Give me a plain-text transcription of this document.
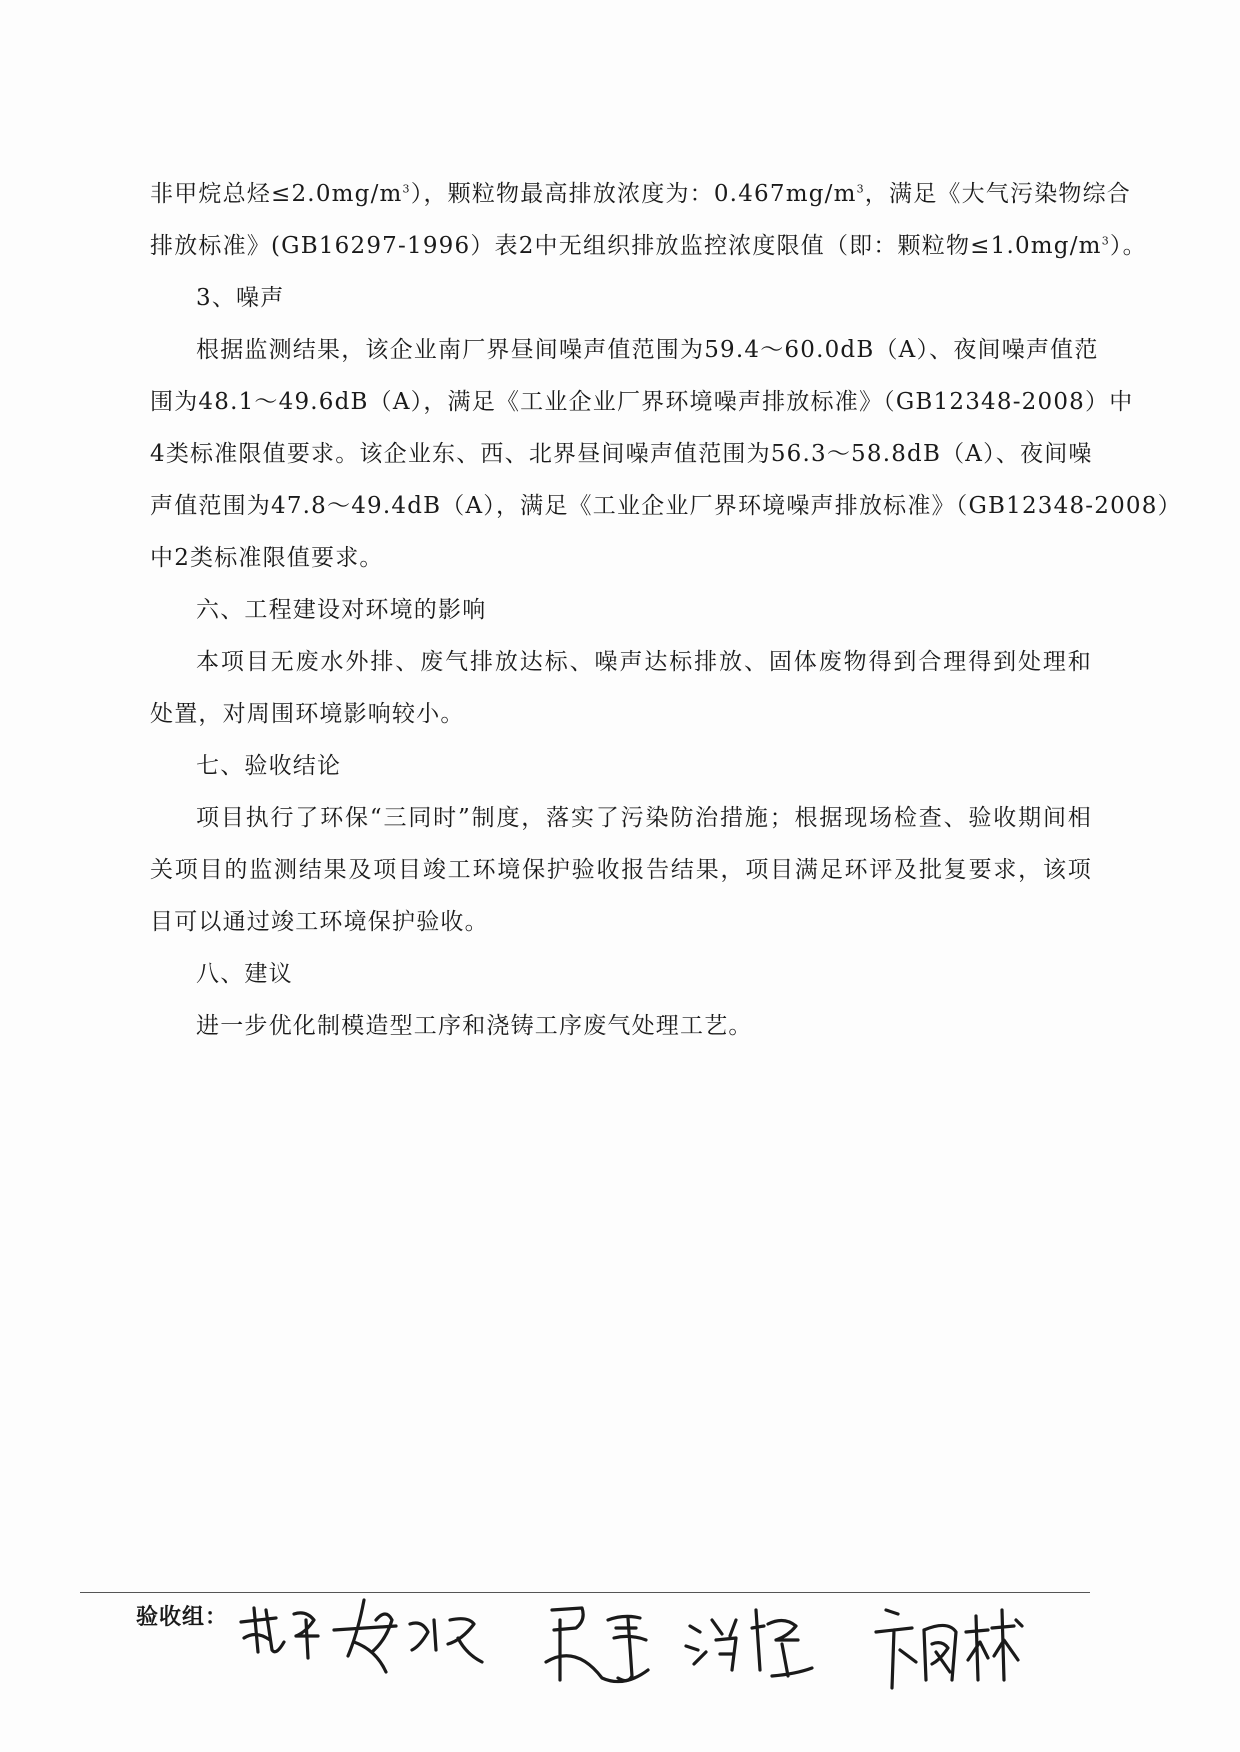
非甲烷总烃$\le 2.0mg/m^3$），颗粒物最高排放浓度为：$0.467mg/m^3$，满足《大气污染物综合
排放标准》(GB16297-1996）表2中无组织排放监控浓度限值（即：颗粒物$\le 1.0mg/m^3$）。
3、噪声
根据监测结果，该企业南厂界昼间噪声值范围为59.4～60.0dB（A）、夜间噪声值范
围为48.1～49.6dB（A），满足《工业企业厂界环境噪声排放标准》（GB12348-2008）中
4类标准限值要求。该企业东、西、北界昼间噪声值范围为56.3～58.8dB（A）、夜间噪
声值范围为47.8～49.4dB（A），满足《工业企业厂界环境噪声排放标准》（GB12348-2008）
中2类标准限值要求。
六、工程建设对环境的影响
本项目无废水外排、废气排放达标、噪声达标排放、固体废物得到合理得到处理和
处置，对周围环境影响较小。
七、验收结论
项目执行了环保“三同时”制度，落实了污染防治措施；根据现场检查、验收期间相
关项目的监测结果及项目竣工环境保护验收报告结果，项目满足环评及批复要求，该项
目可以通过竣工环境保护验收。
八、建议
进一步优化制模造型工序和浇铸工序废气处理工艺。
验收组：
